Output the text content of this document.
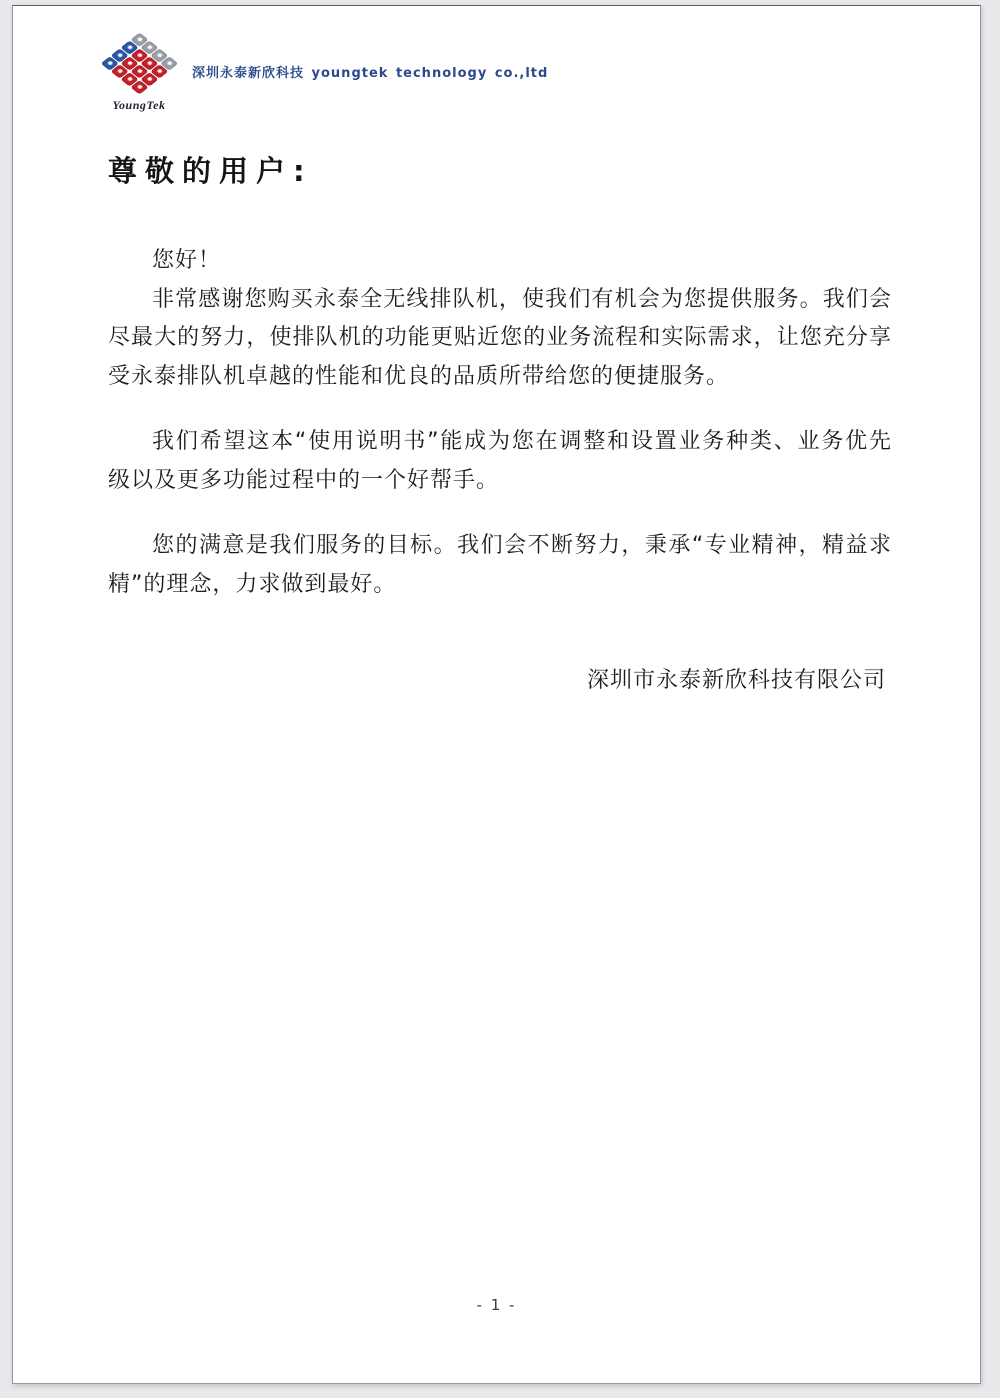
YoungTek
深圳永泰新欣科技 youngtek technology co.,ltd
尊敬的用户:
您好！
非常感谢您购买永泰全无线排队机，使我们有机会为您提供服务。我们会
尽最大的努力，使排队机的功能更贴近您的业务流程和实际需求，让您充分享
受永泰排队机卓越的性能和优良的品质所带给您的便捷服务。
我们希望这本“使用说明书”能成为您在调整和设置业务种类、业务优先
级以及更多功能过程中的一个好帮手。
您的满意是我们服务的目标。我们会不断努力，秉承“专业精神，精益求
精”的理念，力求做到最好。
深圳市永泰新欣科技有限公司
- 1 -
